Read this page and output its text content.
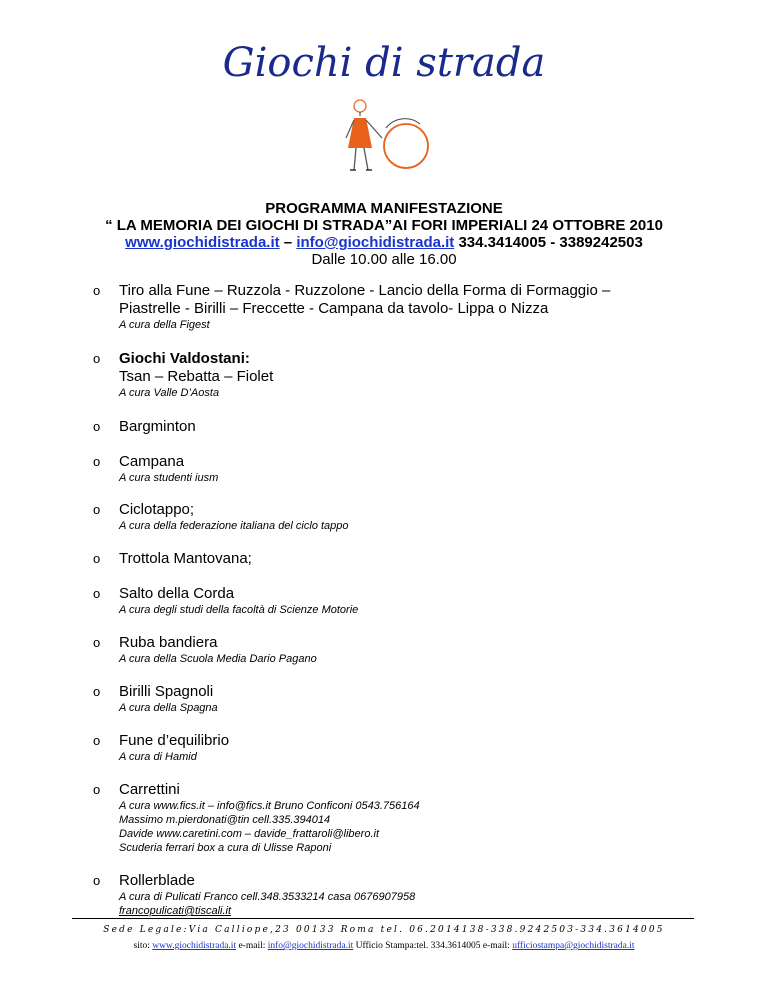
Giochi di strada
PROGRAMMA MANIFESTAZIONE
“ LA MEMORIA DEI GIOCHI DI STRADA”AI FORI IMPERIALI 24 OTTOBRE 2010
www.giochidistrada.it – info@giochidistrada.it 334.3414005 - 3389242503
Dalle 10.00 alle 16.00
o Tiro alla Fune – Ruzzola - Ruzzolone - Lancio della Forma di Formaggio –
Piastrelle - Birilli – Freccette - Campana da tavolo- Lippa o Nizza
A cura della Figest
o Giochi Valdostani:
Tsan – Rebatta – Fiolet
A cura Valle D’Aosta
o Bargminton
o Campana
A cura studenti iusm
o Ciclotappo;
A cura della federazione italiana del ciclo tappo
o Trottola Mantovana;
o Salto della Corda
A cura degli studi della facoltà di Scienze Motorie
o Ruba bandiera
A cura della Scuola Media Dario Pagano
o Birilli Spagnoli
A cura della Spagna
o Fune d’equilibrio
A cura di Hamid
o Carrettini
A cura www.fics.it – info@fics.it Bruno Conficoni 0543.756164
Massimo m.pierdonati@tin cell.335.394014
Davide www.caretini.com – davide_frattaroli@libero.it
Scuderia ferrari box a cura di Ulisse Raponi
o Rollerblade
A cura di Pulicati Franco cell.348.3533214 casa 0676907958
francopulicati@tiscali.it
Sede Legale:Via Calliope,23 00133 Roma tel. 06.2014138-338.9242503-334.3614005
sito: www.giochidistrada.it e-mail: info@giochidistrada.it Ufficio Stampa:tel. 334.3614005 e-mail: ufficiostampa@giochidistrada.it
